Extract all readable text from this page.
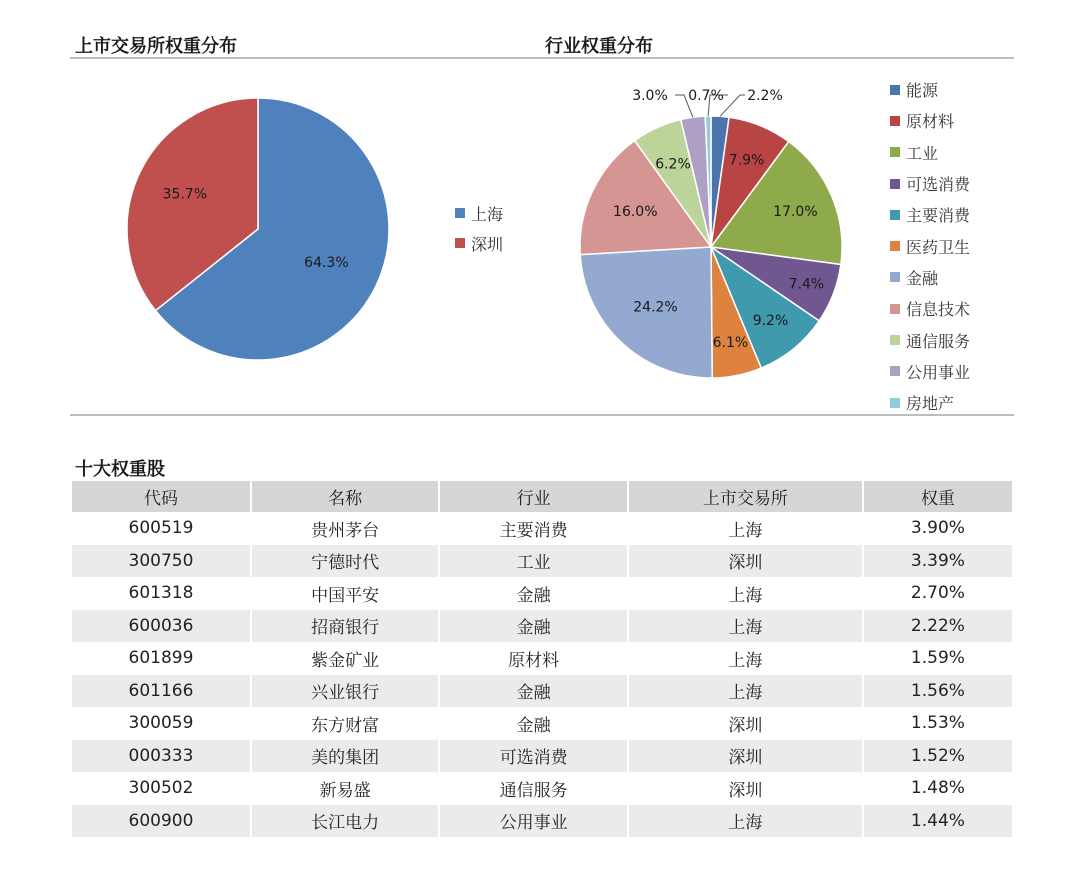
上市交易所权重分布	行业权重分布
64.3%
35.7%
上海
深圳
2.2%
7.9%
17.0%
7.4%
9.2%
6.1%
24.2%
16.0%
6.2%
3.0% 0.7%	能源
原材料
工业
可选消费
主要消费
医药卫生
金融
信息技术
通信服务
公用事业
房地产
十大权重股
代码	名称	行业	上市交易所	权重
600519	贵州茅台	主要消费	上海	3.90%
300750	宁德时代	工业	深圳	3.39%
601318	中国平安	金融	上海	2.70%
600036	招商银行	金融	上海	2.22%
601899	紫金矿业	原材料	上海	1.59%
601166	兴业银行	金融	上海	1.56%
300059	东方财富	金融	深圳	1.53%
000333	美的集团	可选消费	深圳	1.52%
300502	新易盛	通信服务	深圳	1.48%
600900	长江电力	公用事业	上海	1.44%
